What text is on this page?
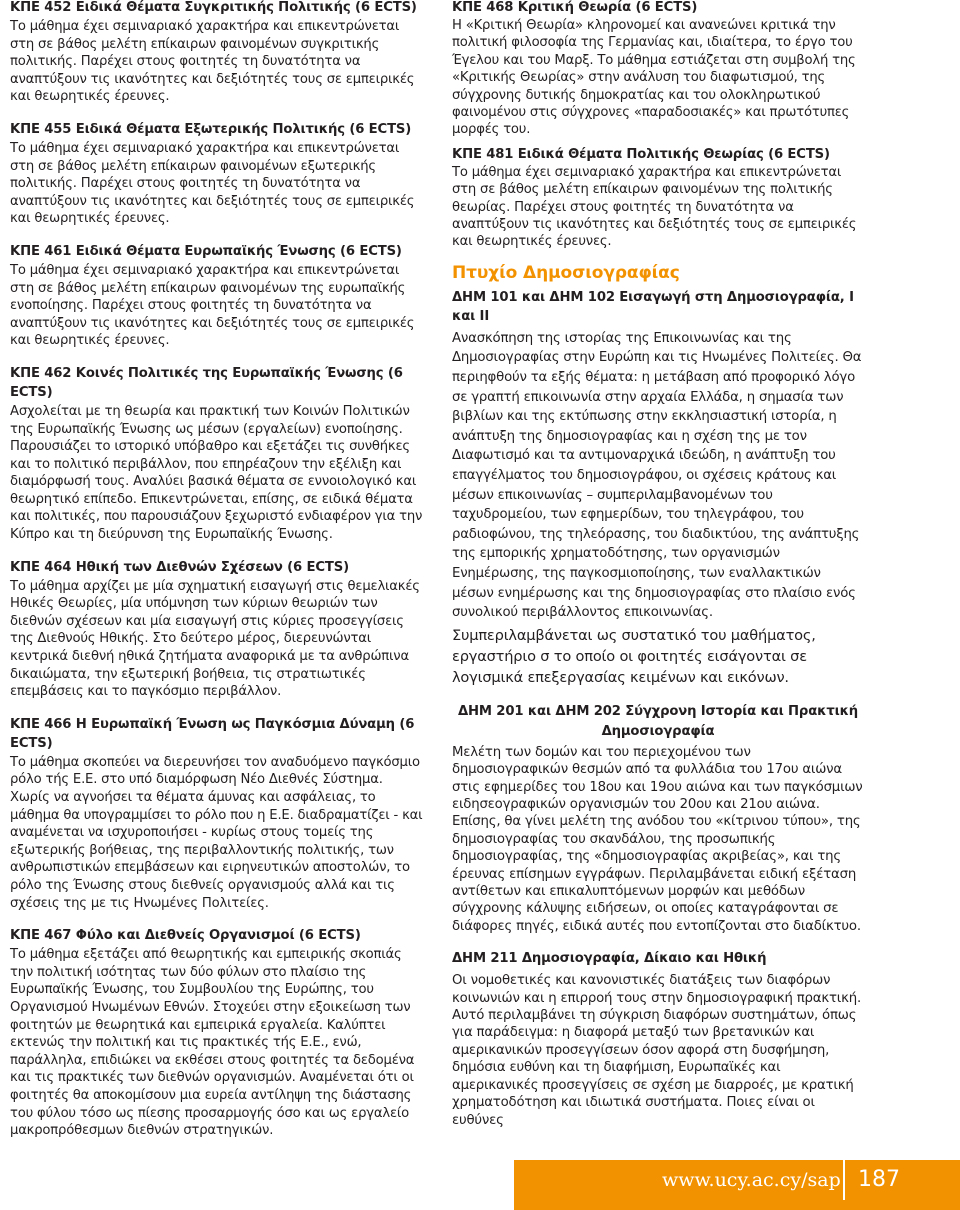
ΚΠΕ 452 Ειδικά Θέματα Συγκριτικής Πολιτικής (6 ECTS)

Το μάθημα έχει σεμιναριακό χαρακτήρα και επικεντρώνεται στη σε βάθος μελέτη επίκαιρων φαινομένων συγκριτικής πολιτικής. Παρέχει στους φοιτητές τη δυνατότητα να αναπτύξουν τις ικανότητες και δεξιότητές τους σε εμπειρικές και θεωρητικές έρευνες.

ΚΠΕ 455 Ειδικά Θέματα Εξωτερικής Πολιτικής (6 ECTS)

Το μάθημα έχει σεμιναριακό χαρακτήρα και επικεντρώνεται στη σε βάθος μελέτη επίκαιρων φαινομένων εξωτερικής πολιτικής. Παρέχει στους φοιτητές τη δυνατότητα να αναπτύξουν τις ικανότητες και δεξιότητές τους σε εμπειρικές και θεωρητικές έρευνες.

ΚΠΕ 461 Ειδικά Θέματα Ευρωπαϊκής Ένωσης (6 ECTS)

Το μάθημα έχει σεμιναριακό χαρακτήρα και επικεντρώνεται στη σε βάθος μελέτη επίκαιρων φαινομένων της ευρωπαϊκής ενοποίησης. Παρέχει στους φοιτητές τη δυνατότητα να αναπτύξουν τις ικανότητες και δεξιότητές τους σε εμπειρικές και θεωρητικές έρευνες.

ΚΠΕ 462 Κοινές Πολιτικές της Ευρωπαϊκής Ένωσης (6 ECTS)

Ασχολείται με τη θεωρία και πρακτική των Κοινών Πολιτικών της Ευρωπαϊκής Ένωσης ως μέσων (εργαλείων) ενοποίησης. Παρουσιάζει το ιστορικό υπόβαθρο και εξετάζει τις συνθήκες και το πολιτικό περιβάλλον, που επηρέαζουν την εξέλιξη και διαμόρφωσή τους. Αναλύει βασικά θέματα σε εννοιολογικό και θεωρητικό επίπεδο. Επικεντρώνεται, επίσης, σε ειδικά θέματα και πολιτικές, που παρουσιάζουν ξεχωριστό ενδιαφέρον για την Κύπρο και τη διεύρυνση της Ευρωπαϊκής Ένωσης.

ΚΠΕ 464 Ηθική των Διεθνών Σχέσεων (6 ECTS)

Το μάθημα αρχίζει με μία σχηματική εισαγωγή στις θεμελιακές Ηθικές Θεωρίες, μία υπόμνηση των κύριων θεωριών των διεθνών σχέσεων και μία εισαγωγή στις κύριες προσεγγίσεις της Διεθνούς Ηθικής. Στο δεύτερο μέρος, διερευνώνται κεντρικά διεθνή ηθικά ζητήματα αναφορικά με τα ανθρώπινα δικαιώματα, την εξωτερική βοήθεια, τις στρατιωτικές επεμβάσεις και το παγκόσμιο περιβάλλον.

ΚΠΕ 466 Η Ευρωπαϊκή Ένωση ως Παγκόσμια Δύναμη (6 ECTS)

Το μάθημα σκοπεύει να διερευνήσει τον αναδυόμενο παγκόσμιο ρόλο τής Ε.Ε. στο υπό διαμόρφωση Νέο Διεθνές Σύστημα. Χωρίς να αγνοήσει τα θέματα άμυνας και ασφάλειας, το μάθημα θα υπογραμμίσει το ρόλο που η Ε.Ε. διαδραματίζει - και αναμένεται να ισχυροποιήσει - κυρίως στους τομείς της εξωτερικής βοήθειας, της περιβαλλοντικής πολιτικής, των ανθρωπιστικών επεμβάσεων και ειρηνευτικών αποστολών, το ρόλο της Ένωσης στους διεθνείς οργανισμούς αλλά και τις σχέσεις της με τις Ηνωμένες Πολιτείες.

ΚΠΕ 467 Φύλο και Διεθνείς Οργανισμοί (6 ECTS)

Το μάθημα εξετάζει από θεωρητικής και εμπειρικής σκοπιάς την πολιτική ισότητας των δύο φύλων στο πλαίσιο της Ευρωπαϊκής Ένωσης, του Συμβουλίου της Ευρώπης, του Οργανισμού Ηνωμένων Εθνών. Στοχεύει στην εξοικείωση των φοιτητών με θεωρητικά και εμπειρικά εργαλεία. Καλύπτει εκτενώς την πολιτική και τις πρακτικές τής Ε.Ε., ενώ, παράλληλα, επιδιώκει να εκθέσει στους φοιτητές τα δεδομένα και τις πρακτικές των διεθνών οργανισμών. Αναμένεται ότι οι φοιτητές θα αποκομίσουν μια ευρεία αντίληψη της διάστασης του φύλου τόσο ως πίεσης προσαρμογής όσο και ως εργαλείο μακροπρόθεσμων διεθνών στρατηγικών.

ΚΠΕ 468 Κριτική Θεωρία (6 ECTS)

Η «Κριτική Θεωρία» κληρονομεί και ανανεώνει κριτικά την πολιτική φιλοσοφία της Γερμανίας και, ιδιαίτερα, το έργο του Έγελου και του Μαρξ. Το μάθημα εστιάζεται στη συμβολή της «Κριτικής Θεωρίας» στην ανάλυση του διαφωτισμού, της σύγχρονης δυτικής δημοκρατίας και του ολοκληρωτικού φαινομένου στις σύγχρονες «παραδοσιακές» και πρωτότυπες μορφές του.

ΚΠΕ 481 Ειδικά Θέματα Πολιτικής Θεωρίας (6 ECTS)

Το μάθημα έχει σεμιναριακό χαρακτήρα και επικεντρώνεται στη σε βάθος μελέτη επίκαιρων φαινομένων της πολιτικής θεωρίας. Παρέχει στους φοιτητές τη δυνατότητα να αναπτύξουν τις ικανότητες και δεξιότητές τους σε εμπειρικές και θεωρητικές έρευνες.

Πτυχίο Δημοσιογραφίας
ΔΗΜ 101 και ΔΗΜ 102 Εισαγωγή στη Δημοσιογραφία, Ι και ΙΙ

Ανασκόπηση της ιστορίας της Επικοινωνίας και της Δημοσιογραφίας στην Ευρώπη και τις Ηνωμένες Πολιτείες. Θα περιηφθούν τα εξής θέματα: η μετάβαση από προφορικό λόγο σε γραπτή επικοινωνία στην αρχαία Ελλάδα, η σημασία των βιβλίων και της εκτύπωσης στην εκκλησιαστική ιστορία, η ανάπτυξη της δημοσιογραφίας και η σχέση της με τον Διαφωτισμό και τα αντιμοναρχικά ιδεώδη, η ανάπτυξη του επαγγέλματος του δημοσιογράφου, οι σχέσεις κράτους και μέσων επικοινωνίας – συμπεριλαμβανομένων του ταχυδρομείου, των εφημερίδων, του τηλεγράφου, του ραδιοφώνου, της τηλεόρασης, του διαδικτύου, της ανάπτυξης της εμπορικής χρηματοδότησης, των οργανισμών Ενημέρωσης, της παγκοσμιοποίησης, των εναλλακτικών μέσων ενημέρωσης και της δημοσιογραφίας στο πλαίσιο ενός συνολικού περιβάλλοντος επικοινωνίας.

Συμπεριλαμβάνεται ως συστατικό του μαθήματος, εργαστήριο σ το οποίο οι φοιτητές εισάγονται σε λογισμικά επεξεργασίας κειμένων και εικόνων.

ΔΗΜ 201 και ΔΗΜ 202 Σύγχρονη Ιστορία και Πρακτική Δημοσιογραφία

Μελέτη των δομών και του περιεχομένου των δημοσιογραφικών θεσμών από τα φυλλάδια του 17ου αιώνα στις εφημερίδες του 18ου και 19ου αιώνα και των παγκόσμιων ειδησεογραφικών οργανισμών του 20ου και 21ου αιώνα. Επίσης, θα γίνει μελέτη της ανόδου του «κίτρινου τύπου», της δημοσιογραφίας του σκανδάλου, της προσωπικής δημοσιογραφίας, της «δημοσιογραφίας ακριβείας», και της έρευνας επίσημων εγγράφων. Περιλαμβάνεται ειδική εξέταση αντίθετων και επικαλυπτόμενων μορφών και μεθόδων σύγχρονης κάλυψης ειδήσεων, οι οποίες καταγράφονται σε διάφορες πηγές, ειδικά αυτές που εντοπίζονται στο διαδίκτυο.

ΔΗΜ 211 Δημοσιογραφία, Δίκαιο και Ηθική

Οι νομοθετικές και κανονιστικές διατάξεις των διαφόρων κοινωνιών και η επιρροή τους στην δημοσιογραφική πρακτική. Αυτό περιλαμβάνει τη σύγκριση διαφόρων συστημάτων, όπως για παράδειγμα: η διαφορά μεταξύ των βρετανικών και αμερικανικών προσεγγίσεων όσον αφορά στη δυσφήμηση, δημόσια ευθύνη και τη διαφήμιση, Ευρωπαϊκές και αμερικανικές προσεγγίσεις σε σχέση με διαρροές, με κρατική χρηματοδότηση και ιδιωτικά συστήματα. Ποιες είναι οι ευθύνες

www.ucy.ac.cy/sap 187
